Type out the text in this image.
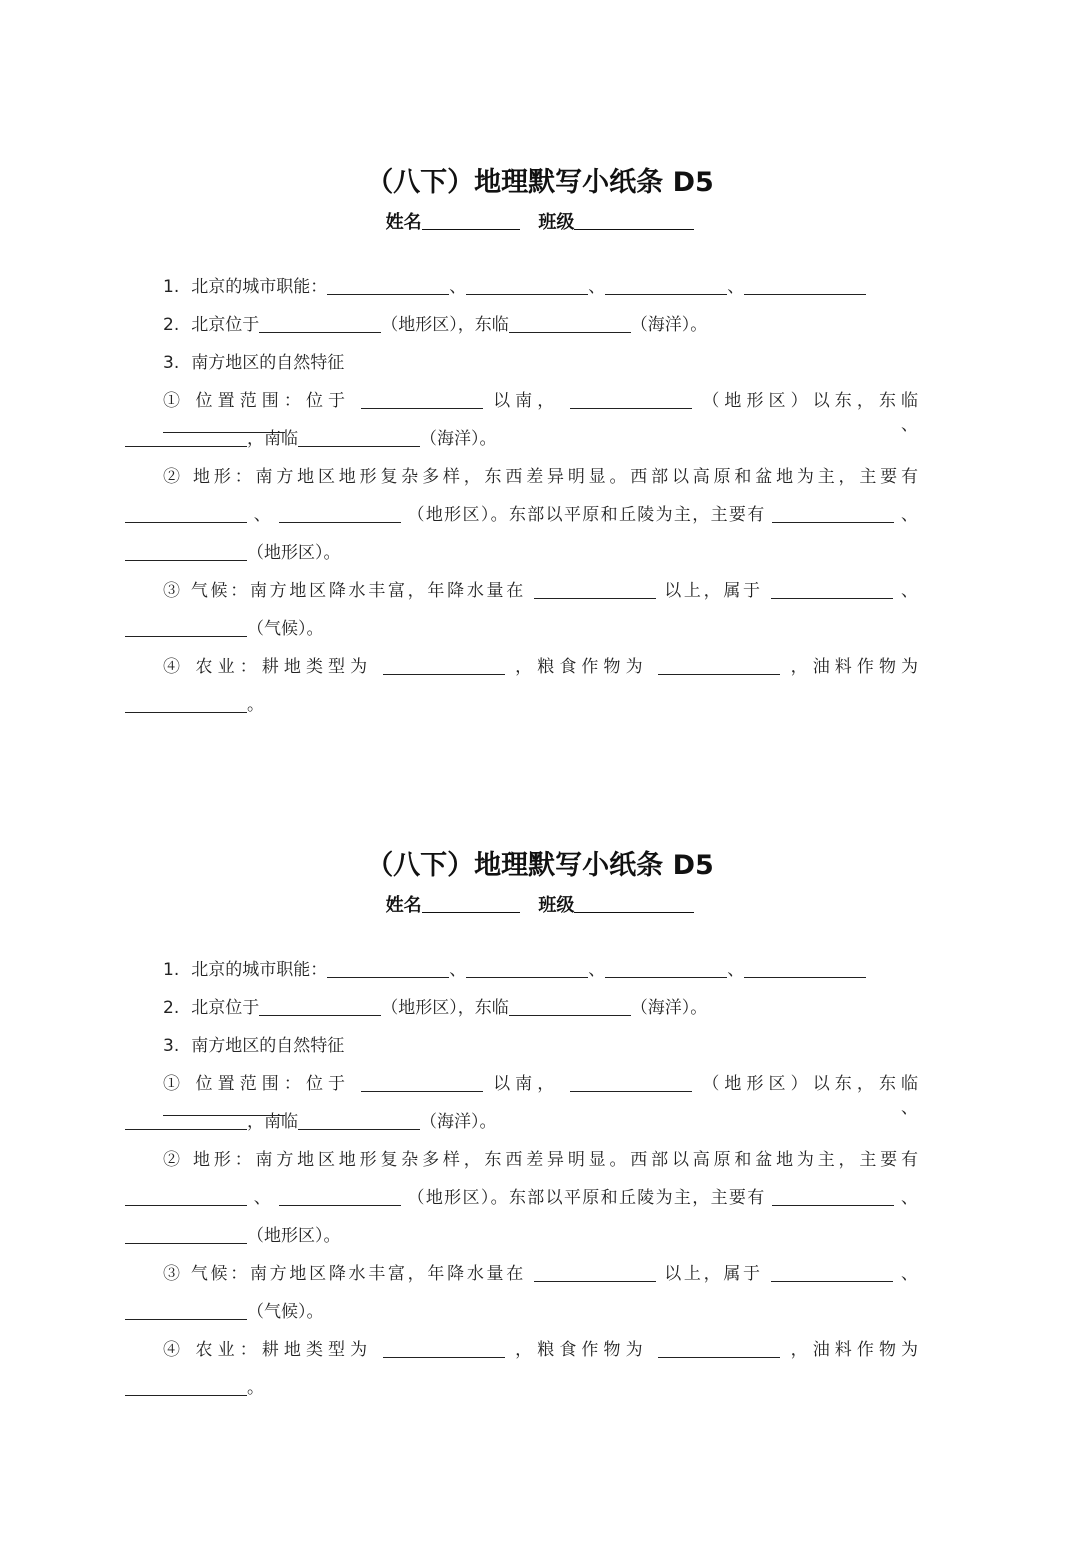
（八下）地理默写小纸条 D5
姓名	班级
1. 北京的城市职能：	、	、	、
2. 北京位于	（地形区），东临	（海洋）。
3. 南方地区的自然特征
① 位置范围：位于	以南，	（地形区）以东，东临  、
，南临	（海洋）。
② 地形：南方地区地形复杂多样，东西差异明显。西部以高原和盆地为主，主要有
、	（地形区）。东部以平原和丘陵为主，主要有	、
（地形区）。
③ 气候：南方地区降水丰富，年降水量在	以上，属于	、
（气候）。
④ 农业：耕地类型为	，粮食作物为	，油料作物为
。
（八下）地理默写小纸条 D5
姓名	班级
1. 北京的城市职能：	、	、	、
2. 北京位于	（地形区），东临	（海洋）。
3. 南方地区的自然特征
① 位置范围：位于	以南，	（地形区）以东，东临  、
，南临	（海洋）。
② 地形：南方地区地形复杂多样，东西差异明显。西部以高原和盆地为主，主要有
、	（地形区）。东部以平原和丘陵为主，主要有	、
（地形区）。
③ 气候：南方地区降水丰富，年降水量在	以上，属于	、
（气候）。
④ 农业：耕地类型为	，粮食作物为	，油料作物为
。
